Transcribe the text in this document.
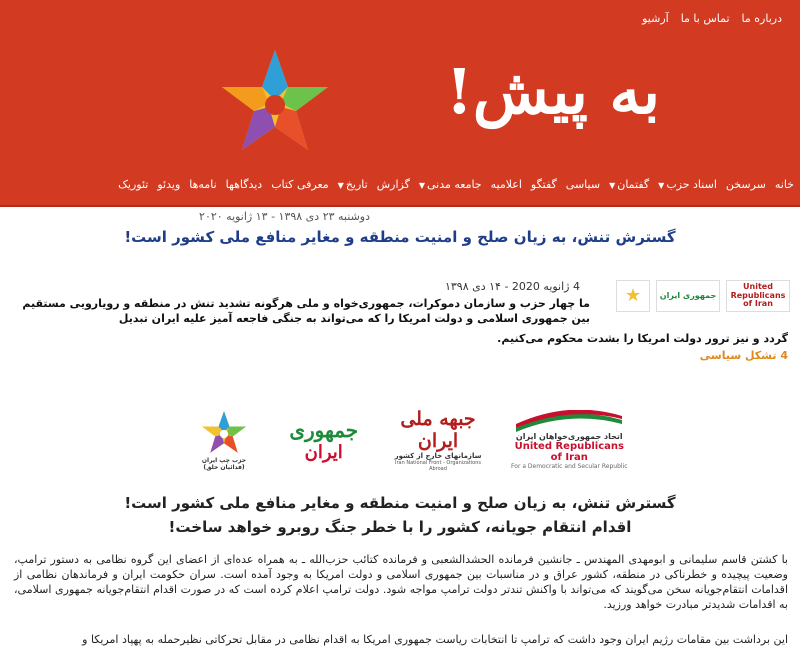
درباره ما
تماس با ما
آرشیو
به پیش!
خانه
سرسخن
اسناد حزب▼
گفتمان▼
سیاسی
گفتگو
اعلامیه
جامعه مدنی▼
گزارش
تاریخ▼
معرفی کتاب
دیدگاهها
نامه‌ها
ویدئو
تئوریک
دوشنبه ۲۳ دی ۱۳۹۸ - ۱۳ ژانویه ۲۰۲۰
گسترش تنش، به زیان صلح و امنیت منطقه و مغایر منافع ملی کشور است!
United Republicans of Iran
جمهوری ایران
★
4 ژانویه 2020 - ۱۴ دی ۱۳۹۸
ما چهار حزب و سازمان دموکرات، جمهوری‌خواه و ملی هرگونه تشدید تنش در منطقه و رویارویی مستقیم بین جمهوری اسلامی و دولت امریکا را که می‌تواند به جنگی فاجعه آمیز علیه ایران تبدیل
گردد و نیز ترور دولت امریکا را بشدت محکوم می‌کنیم.
4 تشکل سیاسی
اتحاد جمهوری‌خواهان ایران
United Republicans of Iran
For a Democratic and Secular Republic
جبهه ملی ایران
سازمانهای خارج از کشور
Iran National Front - Organizations Abroad
جمهوری
ایران
حزب چپ ایران (فدائیان خلق)
گسترش تنش، به زیان صلح و امنیت منطقه و مغایر منافع ملی کشور است!
اقدام انتقام جویانه، کشور را با خطر جنگ روبرو خواهد ساخت!
با کشتن قاسم سلیمانی و ابومهدی المهندس ـ جانشین فرمانده الحشدالشعبی و فرمانده کتائب حزب‌الله ـ به همراه عده‌ای از اعضای این گروه نظامی به دستور ترامپ، وضعیت پیچیده و خطرناکی در منطقه، کشور عراق و در مناسبات بین جمهوری اسلامی و دولت امریکا به وجود آمده است. سران حکومت ایران و فرماندهان نظامی از اقدامات انتقام‌جویانه سخن می‌گویند که می‌تواند با واکنش تندتر دولت ترامپ مواجه شود. دولت ترامپ اعلام کرده است که در صورت اقدام انتقام‌جویانه جمهوری اسلامی، به اقدامات شدیدتر مبادرت خواهد ورزید.
این برداشت بین مقامات رژیم ایران وجود داشت که ترامپ تا انتخابات ریاست جمهوری امریکا به اقدام نظامی در مقابل تحرکاتی نظیرحمله به پهپاد امریکا و
